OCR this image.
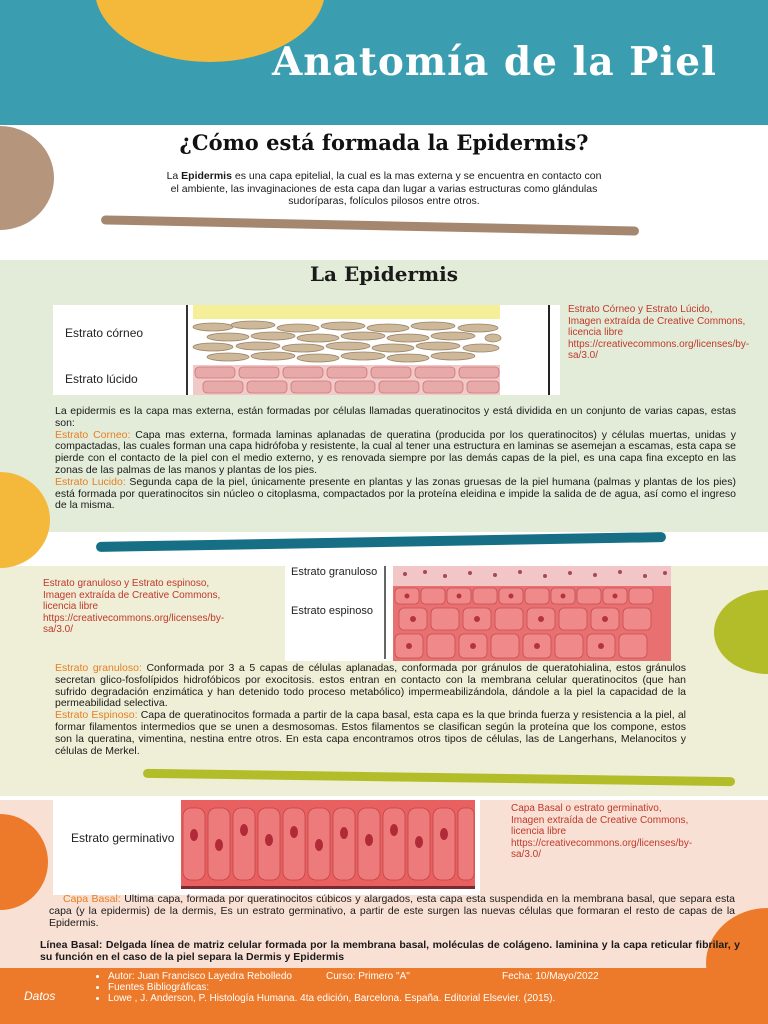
Anatomía de la Piel
¿Cómo está formada la Epidermis?
La Epidermis es una capa epitelial, la cual es la mas externa y se encuentra en contacto con el ambiente, las invaginaciones de esta capa dan lugar a varias estructuras como glándulas sudoríparas, folículos pilosos entre otros.
La Epidermis
Estrato córneo
Estrato lúcido
Estrato Córneo y Estrato Lúcido, Imagen extraída de Creative Commons, licencia libre https://creativecommons.org/licenses/by-sa/3.0/
La epidermis es la capa mas externa, están formadas por células llamadas queratinocitos y está dividida en un conjunto de varias capas, estas son:
Estrato Corneo: Capa mas externa, formada laminas aplanadas de queratina (producida por los queratinocitos) y células muertas, unidas y compactadas, las cuales forman una capa hidrófoba y resistente, la cual al tener una estructura en laminas se asemejan a escamas, esta capa se pierde con el contacto de la piel con el medio externo, y es renovada siempre por las demás capas de la piel, es una capa fina excepto en las zonas de las palmas de las manos y plantas de los pies.
Estrato Lucido: Segunda capa de la piel, únicamente presente en plantas y las zonas gruesas de la piel humana (palmas y plantas de los pies) está formada por queratinocitos sin núcleo o citoplasma, compactados por la proteína eleidina e impide la salida de de agua, así como el ingreso de la misma.
Estrato granuloso y Estrato espinoso, Imagen extraída de Creative Commons, licencia libre https://creativecommons.org/licenses/by-sa/3.0/
Estrato granuloso
Estrato espinoso
Estrato granuloso: Conformada por 3 a 5 capas de células aplanadas, conformada por gránulos de queratohialina, estos gránulos secretan glico-fosfolípidos hidrofóbicos por exocitosis. estos entran en contacto con la membrana celular queratinocitos (que han sufrido degradación enzimática y han detenido todo proceso metabólico) impermeabilizándola, dándole a la piel la capacidad de la permeabilidad selectiva.
Estrato Espinoso: Capa de queratinocitos formada a partir de la capa basal, esta capa es la que brinda fuerza y resistencia a la piel, al formar filamentos intermedios que se unen a desmosomas. Estos filamentos se clasifican según la proteína que los compone, estos son la queratina, vimentina, nestina entre otros. En esta capa encontramos otros tipos de células, las de Langerhans, Melanocitos y células de Merkel.
Estrato germinativo
Capa Basal o estrato germinativo, Imagen extraída de Creative Commons, licencia libre https://creativecommons.org/licenses/by-sa/3.0/
Capa Basal: Ultima capa, formada por queratinocitos cúbicos y alargados, esta capa esta suspendida en la membrana basal, que separa esta capa (y la epidermis) de la dermis, Es un estrato germinativo, a partir de este surgen las nuevas células que formaran el resto de capas de la Epidermis.
Línea Basal: Delgada línea de matriz celular formada por la membrana basal, moléculas de colágeno. laminina y la capa reticular fibrilar, y su función en el caso de la piel separa la Dermis y Epidermis
Datos
• Autor: Juan Francisco Layedra Rebolledo	Curso: Primero "A"	Fecha: 10/Mayo/2022
• Fuentes Bibliográficas:
• Lowe , J. Anderson, P. Histología Humana. 4ta edición, Barcelona. España. Editorial Elsevier. (2015).
